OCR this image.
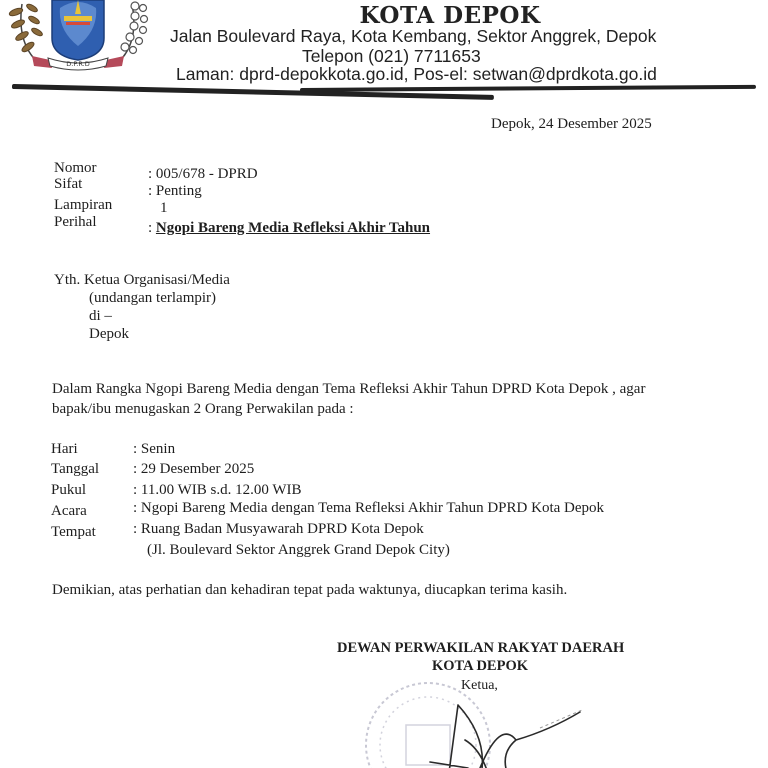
D.P.R.D
KOTA DEPOK
Jalan Boulevard Raya, Kota Kembang, Sektor Anggrek, Depok
Telepon (021) 7711653
Laman: dprd-depokkota.go.id, Pos-el: setwan@dprdkota.go.id
Depok, 24 Desember 2025
Nomor	: 005/678 - DPRD
Sifat	: Penting
Lampiran	1
Perihal	: Ngopi Bareng Media Refleksi Akhir Tahun
Yth. Ketua Organisasi/Media
(undangan terlampir)
di –
Depok
Dalam Rangka Ngopi Bareng Media dengan Tema Refleksi Akhir Tahun DPRD Kota Depok , agar
bapak/ibu menugaskan 2 Orang Perwakilan pada :
Hari	: Senin
Tanggal : 29 Desember 2025
Pukul	: 11.00 WIB s.d. 12.00 WIB
Acara	: Ngopi Bareng Media dengan Tema Refleksi Akhir Tahun DPRD Kota Depok
Tempat : Ruang Badan Musyawarah DPRD Kota Depok
(Jl. Boulevard Sektor Anggrek Grand Depok City)
Demikian, atas perhatian dan kehadiran tepat pada waktunya, diucapkan terima kasih.
DEWAN PERWAKILAN RAKYAT DAERAH
KOTA DEPOK
Ketua,
